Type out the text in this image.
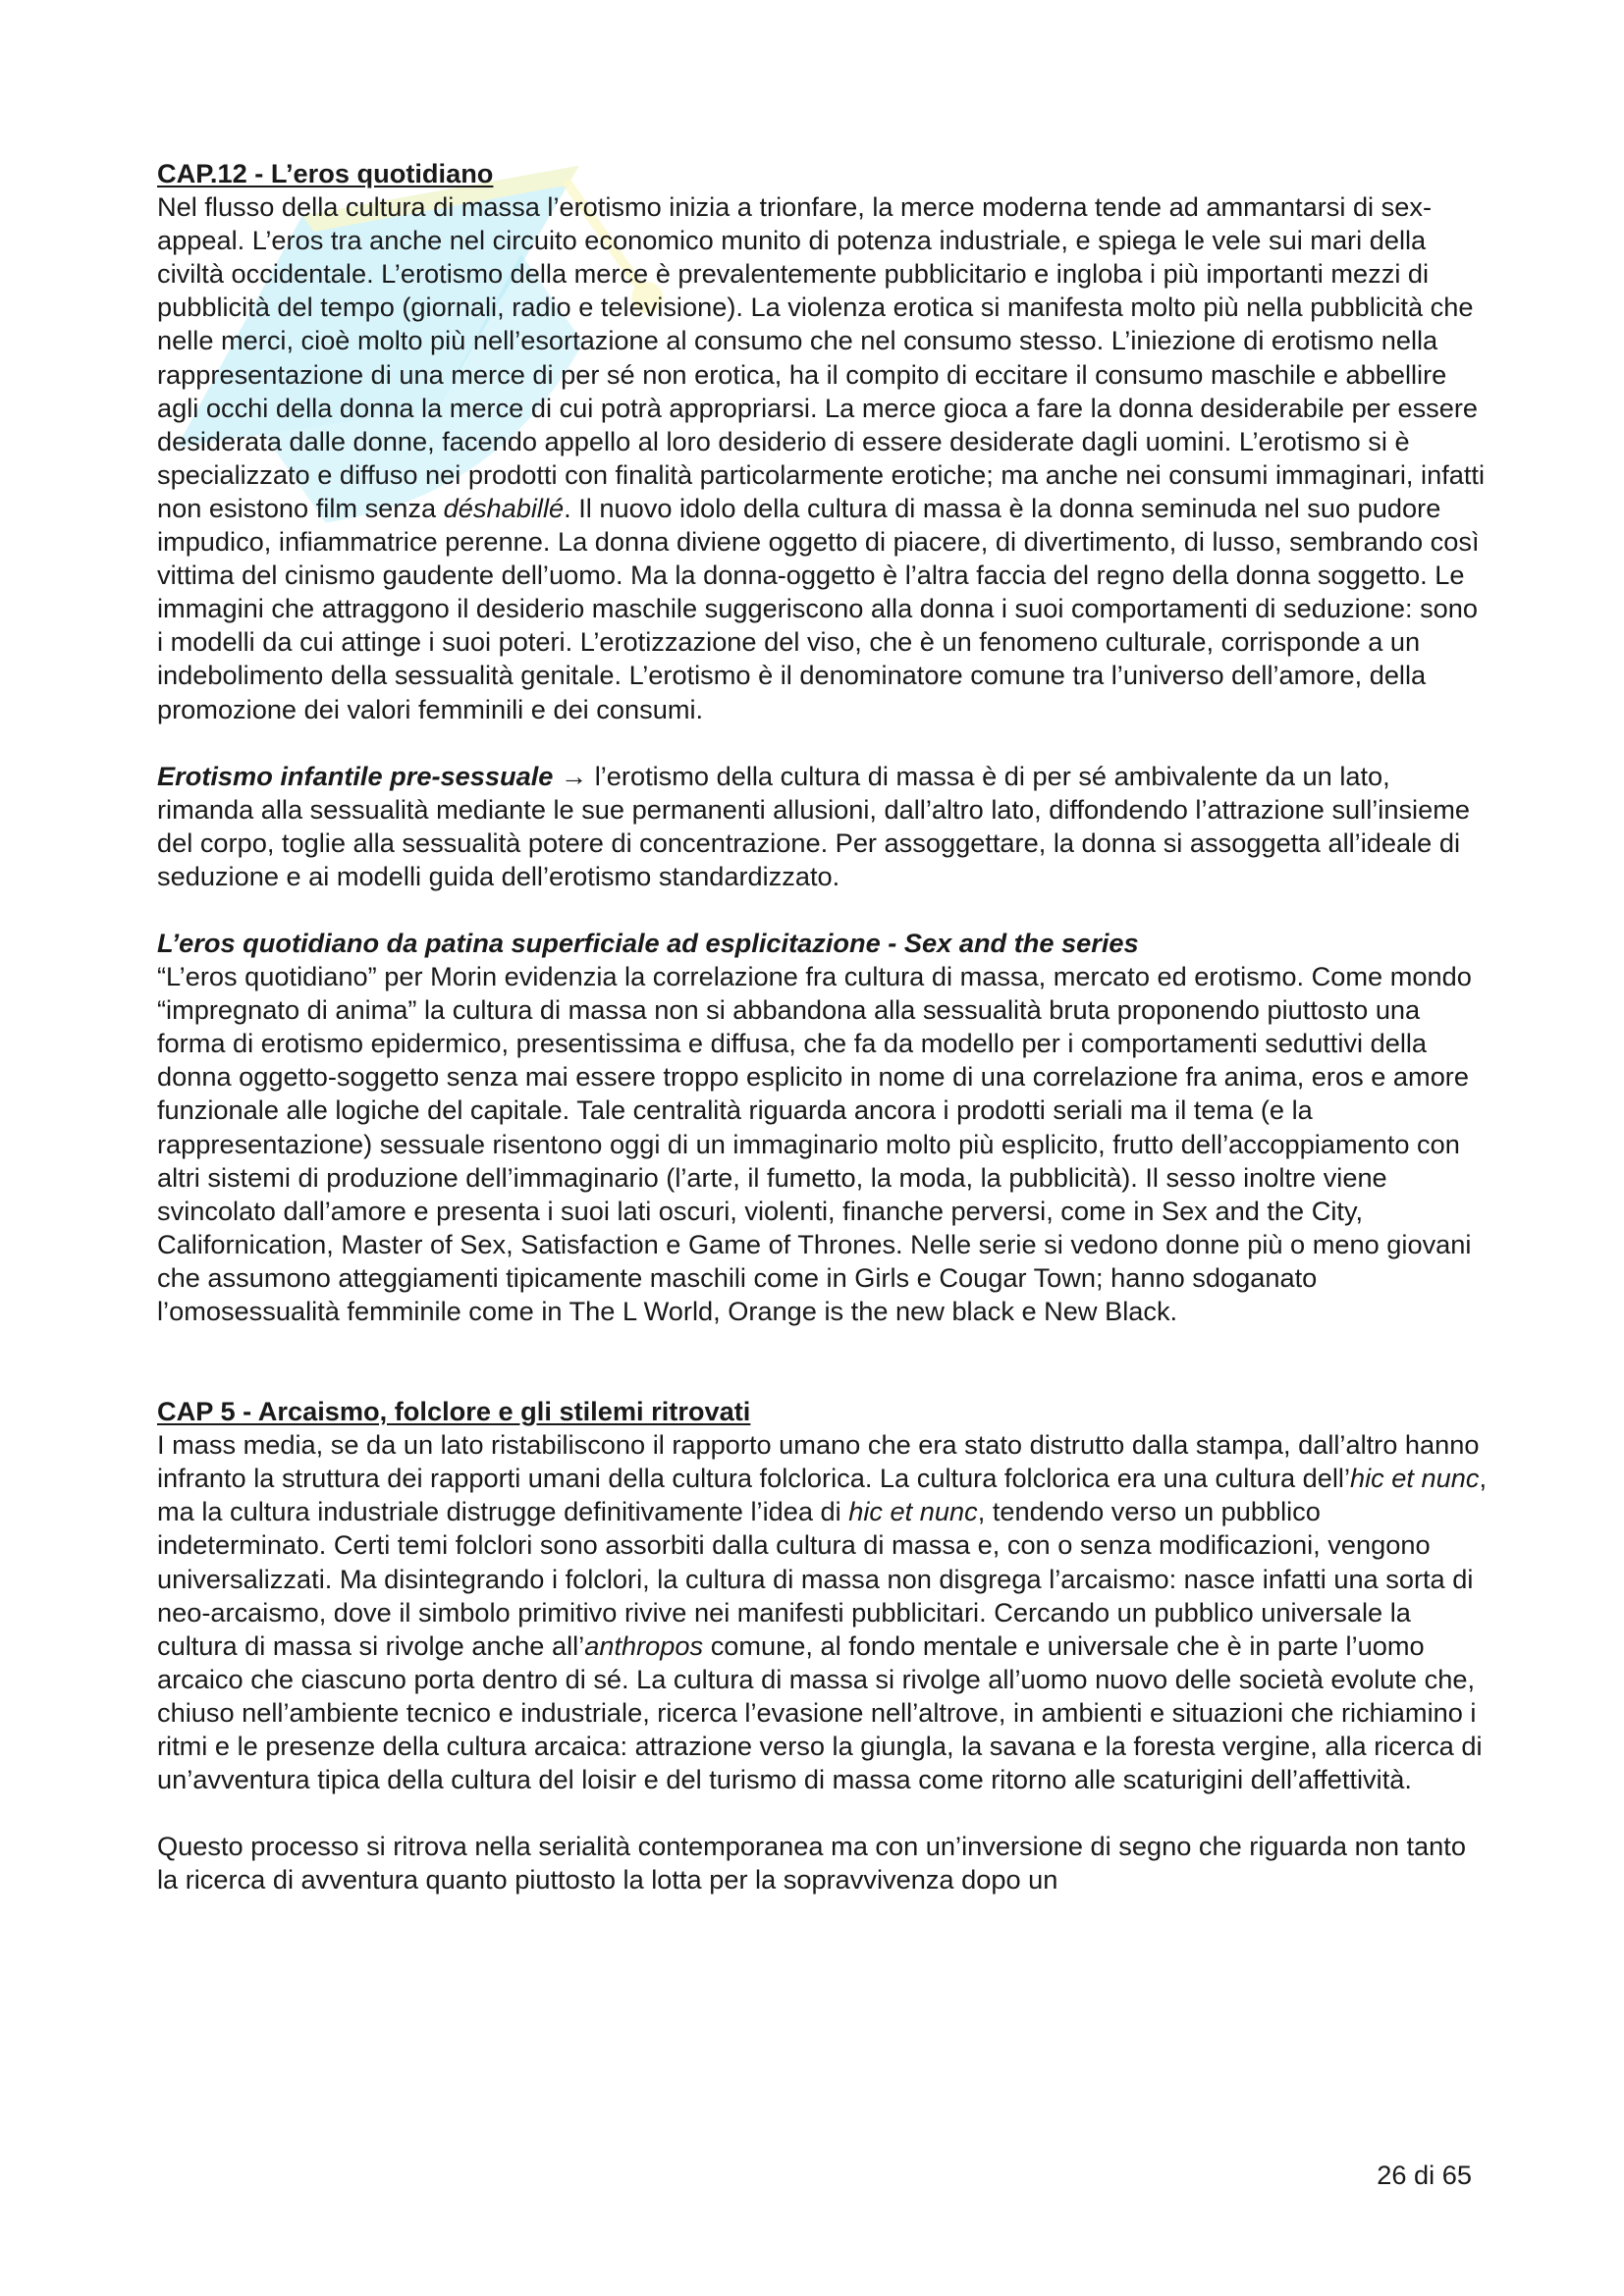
CAP.12 - L’eros quotidiano

Nel flusso della cultura di massa l’erotismo inizia a trionfare, la merce moderna tende ad ammantarsi di sex-appeal. L’eros tra anche nel circuito economico munito di potenza industriale, e spiega le vele sui mari della civiltà occidentale. L’erotismo della merce è prevalentemente pubblicitario e ingloba i più importanti mezzi di pubblicità del tempo (giornali, radio e televisione). La violenza erotica si manifesta molto più nella pubblicità che nelle merci, cioè molto più nell’esortazione al consumo che nel consumo stesso. L’iniezione di erotismo nella rappresentazione di una merce di per sé non erotica, ha il compito di eccitare il consumo maschile e abbellire agli occhi della donna la merce di cui potrà appropriarsi. La merce gioca a fare la donna desiderabile per essere desiderata dalle donne, facendo appello al loro desiderio di essere desiderate dagli uomini. L’erotismo si è specializzato e diffuso nei prodotti con finalità particolarmente erotiche; ma anche nei consumi immaginari, infatti non esistono film senza déshabillé. Il nuovo idolo della cultura di massa è la donna seminuda nel suo pudore impudico, infiammatrice perenne. La donna diviene oggetto di piacere, di divertimento, di lusso, sembrando così vittima del cinismo gaudente dell’uomo. Ma la donna-oggetto è l’altra faccia del regno della donna soggetto. Le immagini che attraggono il desiderio maschile suggeriscono alla donna i suoi comportamenti di seduzione: sono i modelli da cui attinge i suoi poteri. L’erotizzazione del viso, che è un fenomeno culturale, corrisponde a un indebolimento della sessualità genitale. L’erotismo è il denominatore comune tra l’universo dell’amore, della promozione dei valori femminili e dei consumi.

Erotismo infantile pre-sessuale → l’erotismo della cultura di massa è di per sé ambivalente da un lato, rimanda alla sessualità mediante le sue permanenti allusioni, dall’altro lato, diffondendo l’attrazione sull’insieme del corpo, toglie alla sessualità potere di concentrazione. Per assoggettare, la donna si assoggetta all’ideale di seduzione e ai modelli guida dell’erotismo standardizzato.

L’eros quotidiano da patina superficiale ad esplicitazione - Sex and the series

“L’eros quotidiano” per Morin evidenzia la correlazione fra cultura di massa, mercato ed erotismo. Come mondo “impregnato di anima” la cultura di massa non si abbandona alla sessualità bruta proponendo piuttosto una forma di erotismo epidermico, presentissima e diffusa, che fa da modello per i comportamenti seduttivi della donna oggetto-soggetto senza mai essere troppo esplicito in nome di una correlazione fra anima, eros e amore funzionale alle logiche del capitale. Tale centralità riguarda ancora i prodotti seriali ma il tema (e la rappresentazione) sessuale risentono oggi di un immaginario molto più esplicito, frutto dell’accoppiamento con altri sistemi di produzione dell’immaginario (l’arte, il fumetto, la moda, la pubblicità). Il sesso inoltre viene svincolato dall’amore e presenta i suoi lati oscuri, violenti, finanche perversi, come in Sex and the City, Californication, Master of Sex, Satisfaction e Game of Thrones. Nelle serie si vedono donne più o meno giovani che assumono atteggiamenti tipicamente maschili come in Girls e Cougar Town; hanno sdoganato l’omosessualità femminile come in The L World, Orange is the new black e New Black.

CAP 5 - Arcaismo, folclore e gli stilemi ritrovati

I mass media, se da un lato ristabiliscono il rapporto umano che era stato distrutto dalla stampa, dall’altro hanno infranto la struttura dei rapporti umani della cultura folclorica. La cultura folclorica era una cultura dell’hic et nunc, ma la cultura industriale distrugge definitivamente l’idea di hic et nunc, tendendo verso un pubblico indeterminato. Certi temi folclori sono assorbiti dalla cultura di massa e, con o senza modificazioni, vengono universalizzati. Ma disintegrando i folclori, la cultura di massa non disgrega l’arcaismo: nasce infatti una sorta di neo-arcaismo, dove il simbolo primitivo rivive nei manifesti pubblicitari. Cercando un pubblico universale la cultura di massa si rivolge anche all’anthropos comune, al fondo mentale e universale che è in parte l’uomo arcaico che ciascuno porta dentro di sé. La cultura di massa si rivolge all’uomo nuovo delle società evolute che, chiuso nell’ambiente tecnico e industriale, ricerca l’evasione nell’altrove, in ambienti e situazioni che richiamino i ritmi e le presenze della cultura arcaica: attrazione verso la giungla, la savana e la foresta vergine, alla ricerca di un’avventura tipica della cultura del loisir e del turismo di massa come ritorno alle scaturigini dell’affettività.

Questo processo si ritrova nella serialità contemporanea ma con un’inversione di segno che riguarda non tanto la ricerca di avventura quanto piuttosto la lotta per la sopravvivenza dopo un

26 di 65
